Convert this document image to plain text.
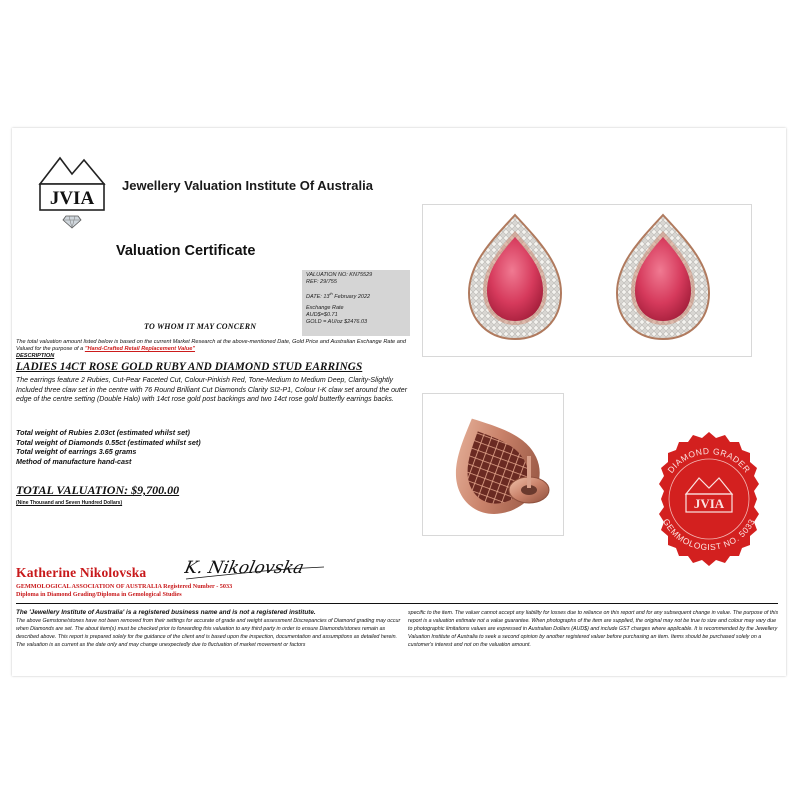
JVIA
Jewellery Valuation Institute Of Australia
Valuation Certificate
VALUATION NO: KN75529
REF: 29/755
DATE: 13th February 2022
Exchange Rate
AUD$=$0.71
GOLD = AU/oz $2476.03
TO WHOM IT MAY CONCERN
The total valuation amount listed below is based on the current Market Research at the above-mentioned Date, Gold Price and Australian Exchange Rate and Valued for the purpose of a "Hand-Crafted Retail Replacement Value"
DESCRIPTION
LADIES 14CT ROSE GOLD RUBY AND DIAMOND STUD EARRINGS
The earrings feature 2 Rubies, Cut-Pear Faceted Cut, Colour-Pinkish Red, Tone-Medium to Medium Deep, Clarity-Slightly Included three claw set in the centre with 76 Round Brilliant Cut Diamonds Clarity SI2-P1, Colour I-K claw set around the outer edge of the centre setting (Double Halo) with 14ct rose gold post backings and two 14ct rose gold butterfly earrings backs.
Total weight of Rubies 2.03ct (estimated whilst set)
Total weight of Diamonds 0.55ct (estimated whilst set)
Total weight of earrings 3.65 grams
Method of manufacture hand-cast
TOTAL VALUATION: $9,700.00
(Nine Thousand and Seven Hundred Dollars)
Katherine Nikolovska K. Nikolovska
GEMMOLOGICAL ASSOCIATION OF AUSTRALIA Registered Number - 5033
Diploma in Diamond Grading/Diploma in Gemological Studies
The 'Jewellery Institute of Australia' is a registered business name and is not a registered institute.
The above Gemstone/stones have not been removed from their settings for accurate of grade and weight assessment Discrepancies of Diamond grading may occur when Diamonds are set. The about item(s) must be checked prior to forwarding this valuation to any third party in order to ensure Diamonds/stones remain as described above. This report is prepared solely for the guidance of the client and is based upon the inspection, documentation and assumptions as detailed herein. The valuation is as current as the date only and may change unexpectedly due to fluctuation of market movement or factors
specific to the item. The valuer cannot accept any liability for losses due to reliance on this report and for any subsequent change in value. The purpose of this report is a valuation estimate not a value guarantee. When photographs of the item are supplied, the original may not be true to size and colour may vary due to photographic limitations values are expressed in Australian Dollars (AUD$) and include GST charges where applicable. It is recommended by the Jewellery Valuation Institute of Australia to seek a second opinion by another registered valuer before purchasing an item. Items should be purchased solely on a customer's interest and not on the valuation amount.
DIAMOND GRADER
GEMMOLOGIST NO. 5033
JVIA
